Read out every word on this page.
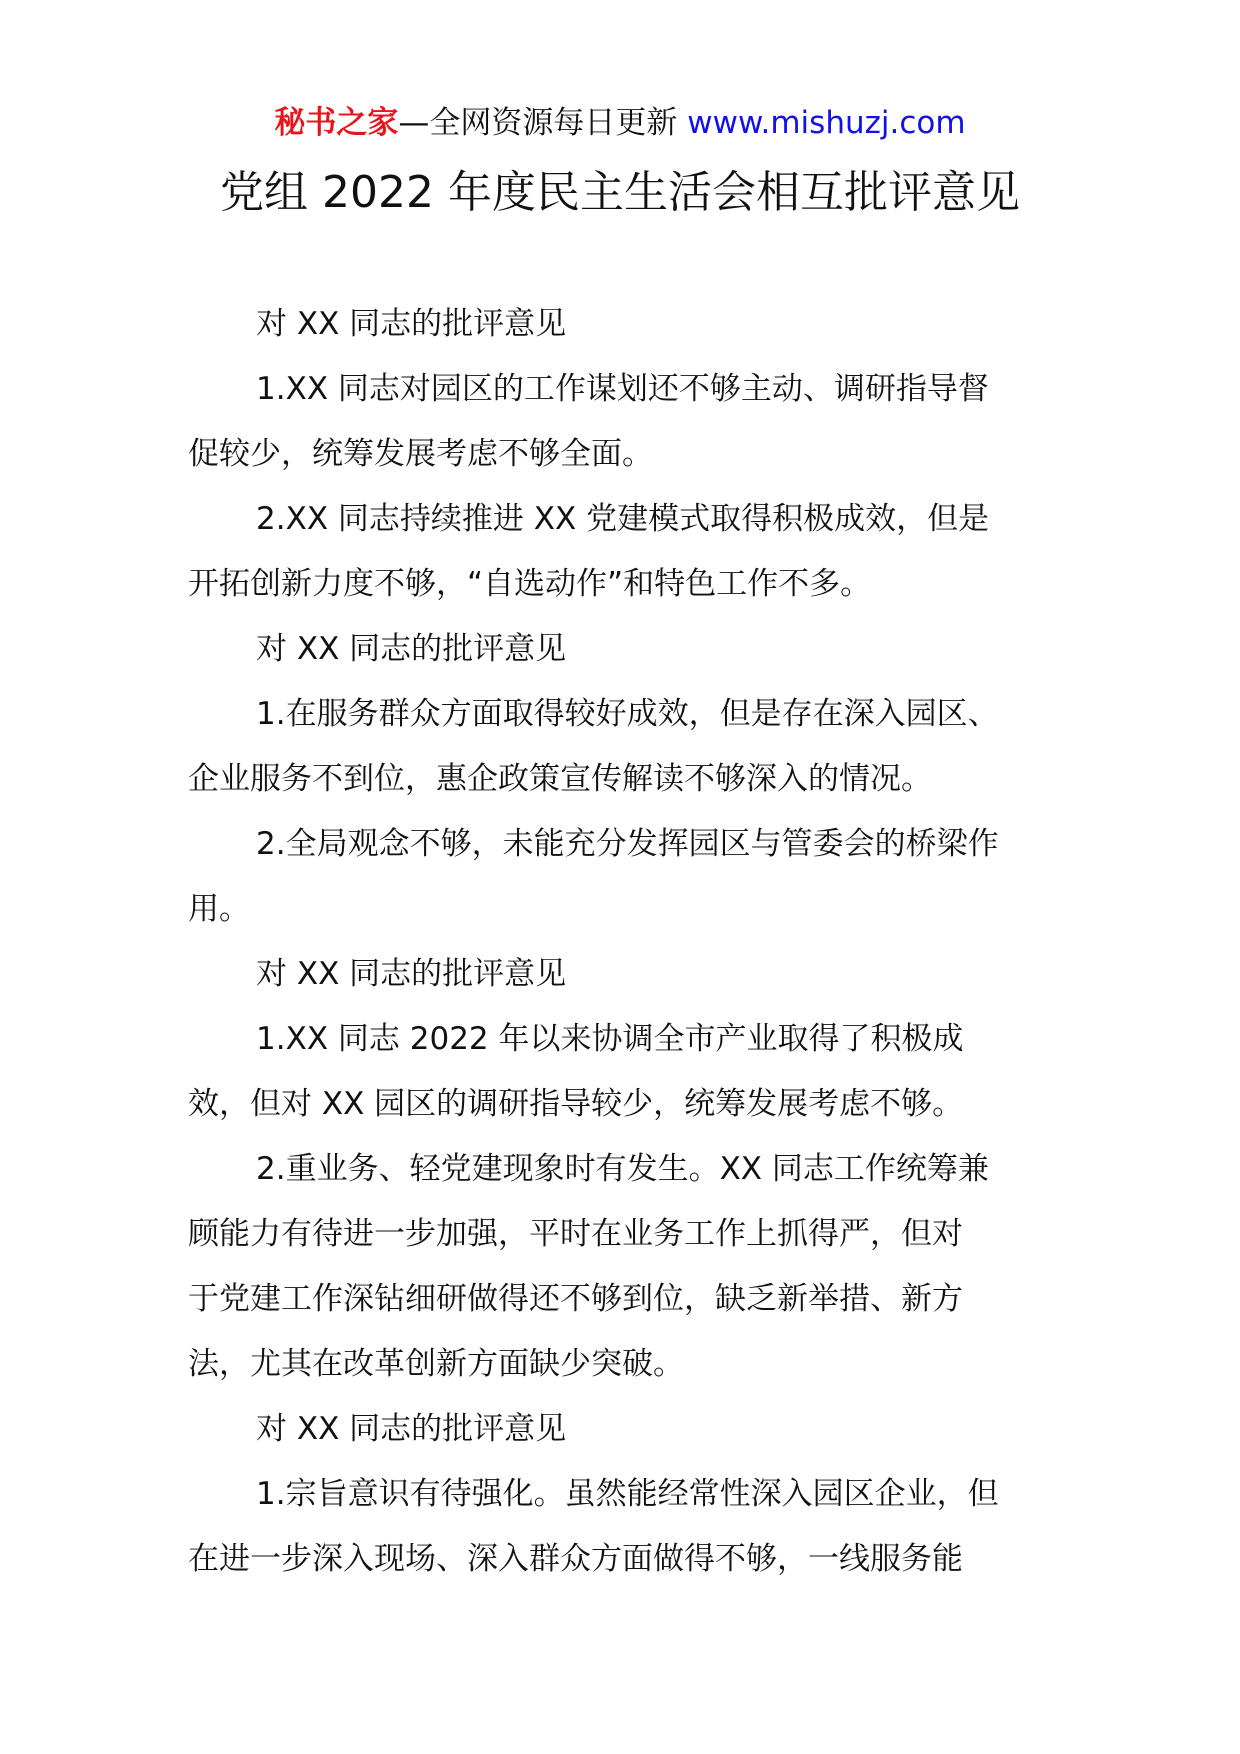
秘书之家—全网资源每日更新 www.mishuzj.com
党组 2022 年度民主生活会相互批评意见

对 XX 同志的批评意见

1.XX 同志对园区的工作谋划还不够主动、调研指导督
促较少，统筹发展考虑不够全面。

2.XX 同志持续推进 XX 党建模式取得积极成效，但是
开拓创新力度不够，“自选动作”和特色工作不多。

对 XX 同志的批评意见

1.在服务群众方面取得较好成效，但是存在深入园区、
企业服务不到位，惠企政策宣传解读不够深入的情况。

2.全局观念不够，未能充分发挥园区与管委会的桥梁作
用。

对 XX 同志的批评意见

1.XX 同志 2022 年以来协调全市产业取得了积极成
效，但对 XX 园区的调研指导较少，统筹发展考虑不够。

2.重业务、轻党建现象时有发生。XX 同志工作统筹兼
顾能力有待进一步加强，平时在业务工作上抓得严，但对
于党建工作深钻细研做得还不够到位，缺乏新举措、新方
法，尤其在改革创新方面缺少突破。

对 XX 同志的批评意见

1.宗旨意识有待强化。虽然能经常性深入园区企业，但
在进一步深入现场、深入群众方面做得不够，一线服务能
